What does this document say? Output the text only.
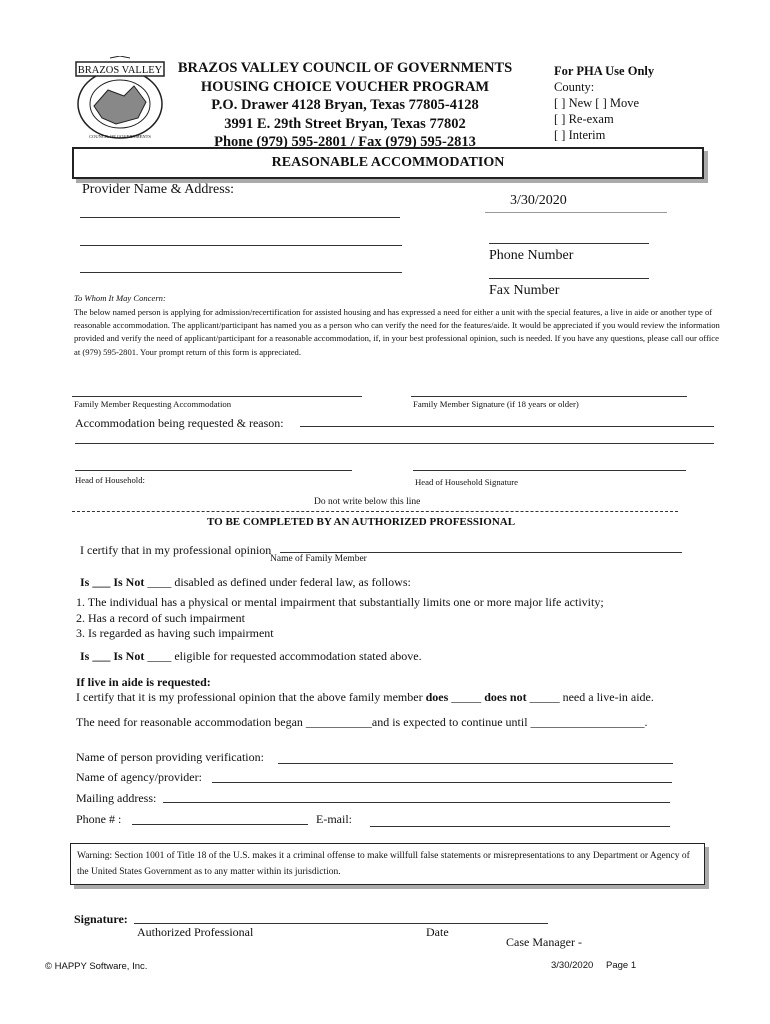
BRAZOS VALLEY
COUNCIL OF GOVERNMENTS
BRAZOS VALLEY COUNCIL OF GOVERNMENTS
HOUSING CHOICE VOUCHER PROGRAM
P.O. Drawer 4128 Bryan, Texas 77805-4128
3991 E. 29th Street Bryan, Texas 77802
Phone (979) 595-2801 / Fax (979) 595-2813
For PHA Use Only
County:
[ ] New [ ] Move
[ ] Re-exam
[ ] Interim
REASONABLE ACCOMMODATION
Provider Name & Address:
3/30/2020
Phone Number
Fax Number
To Whom It May Concern:
The below named person is applying for admission/recertification for assisted housing and has expressed a need for either a unit with the special features, a live in aide or another type of reasonable accommodation. The applicant/participant has named you as a person who can verify the need for the features/aide. It would be appreciated if you would review the information provided and verify the need of applicant/participant for a reasonable accommodation, if, in your best professional opinion, such is needed. If you have any questions, please call our office at (979) 595-2801. Your prompt return of this form is appreciated.
Family Member Requesting Accommodation	Family Member Signature (if 18 years or older)
Accommodation being requested & reason:
Head of Household:	Head of Household Signature
Do not write below this line
TO BE COMPLETED BY AN AUTHORIZED PROFESSIONAL
I certify that in my professional opinion
Name of Family Member
Is ___ Is Not ____ disabled as defined under federal law, as follows:
1. The individual has a physical or mental impairment that substantially limits one or more major life activity;
2. Has a record of such impairment
3. Is regarded as having such impairment
Is ___ Is Not ____ eligible for requested accommodation stated above.
If live in aide is requested:
I certify that it is my professional opinion that the above family member does _____ does not _____ need a live-in aide.
The need for reasonable accommodation began ___________and is expected to continue until ___________________.
Name of person providing verification:
Name of agency/provider:
Mailing address:
Phone # :	E-mail:
Warning: Section 1001 of Title 18 of the U.S. makes it a criminal offense to make willfull false statements or misrepresentations to any Department or Agency of the United States Government as to any matter within its jurisdiction.
Signature:
Authorized Professional	Date
Case Manager -
© HAPPY Software, Inc.	3/30/2020 Page 1
